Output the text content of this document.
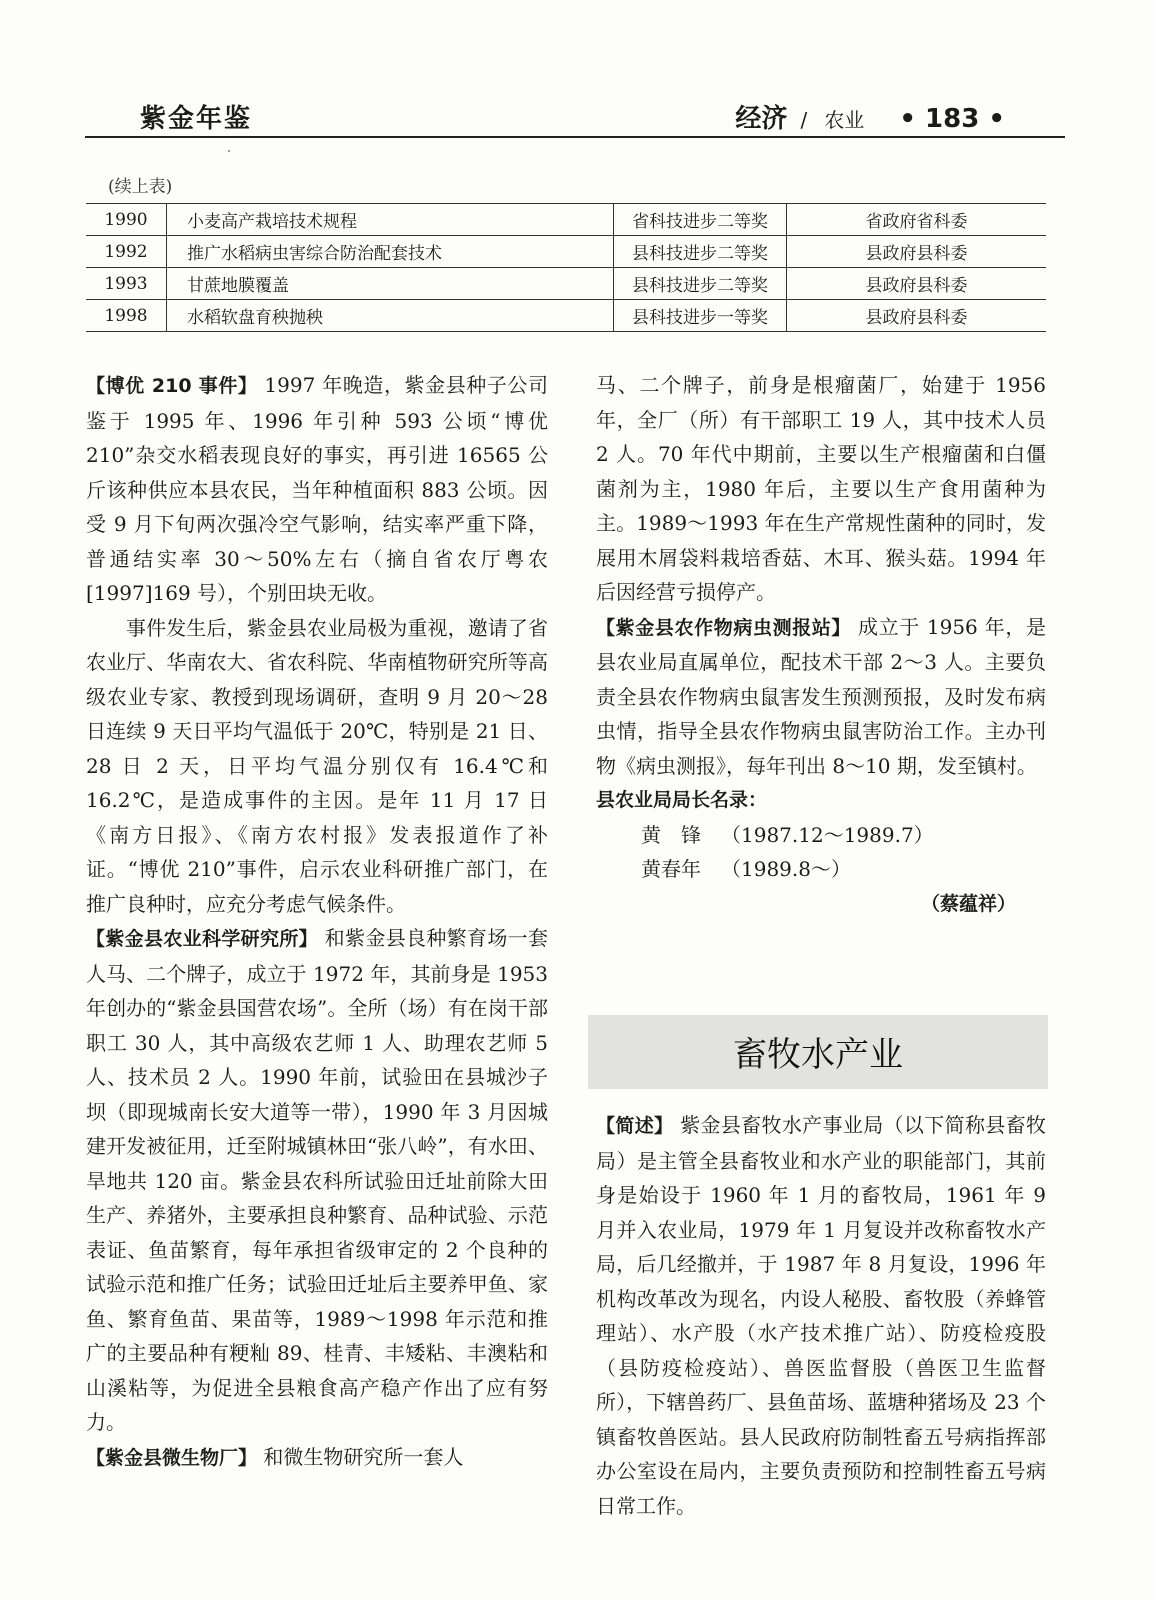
紫金年鉴	经济 / 农业 • 183 •
(续上表)
1990	小麦高产栽培技术规程	省科技进步二等奖	省政府省科委
1992	推广水稻病虫害综合防治配套技术	县科技进步二等奖	县政府县科委
1993	甘蔗地膜覆盖	县科技进步二等奖	县政府县科委
1998	水稻软盘育秧抛秧	县科技进步一等奖	县政府县科委

【博优 210 事件】 1997 年晚造，紫金县种子公司鉴于 1995 年、1996 年引种 593 公顷“博优 210”杂交水稻表现良好的事实，再引进 16565 公斤该种供应本县农民，当年种植面积 883 公顷。因受 9 月下旬两次强冷空气影响，结实率严重下降，普通结实率 30～50%左右（摘自省农厅粤农[1997]169 号），个别田块无收。

事件发生后，紫金县农业局极为重视，邀请了省农业厅、华南农大、省农科院、华南植物研究所等高级农业专家、教授到现场调研，查明 9 月 20～28 日连续 9 天日平均气温低于 20℃，特别是 21 日、28 日 2 天，日平均气温分别仅有 16.4℃和 16.2℃，是造成事件的主因。是年 11 月 17 日《南方日报》、《南方农村报》发表报道作了补证。“博优 210”事件，启示农业科研推广部门，在推广良种时，应充分考虑气候条件。

【紫金县农业科学研究所】 和紫金县良种繁育场一套人马、二个牌子，成立于 1972 年，其前身是 1953 年创办的“紫金县国营农场”。全所（场）有在岗干部职工 30 人，其中高级农艺师 1 人、助理农艺师 5 人、技术员 2 人。1990 年前，试验田在县城沙子坝（即现城南长安大道等一带），1990 年 3 月因城建开发被征用，迁至附城镇林田“张八岭”，有水田、旱地共 120 亩。紫金县农科所试验田迁址前除大田生产、养猪外，主要承担良种繁育、品种试验、示范表证、鱼苗繁育，每年承担省级审定的 2 个良种的试验示范和推广任务；试验田迁址后主要养甲鱼、家鱼、繁育鱼苗、果苗等，1989～1998 年示范和推广的主要品种有粳籼 89、桂青、丰矮粘、丰澳粘和山溪粘等，为促进全县粮食高产稳产作出了应有努力。

【紫金县微生物厂】 和微生物研究所一套人

马、二个牌子，前身是根瘤菌厂，始建于 1956 年，全厂（所）有干部职工 19 人，其中技术人员 2 人。70 年代中期前，主要以生产根瘤菌和白僵菌剂为主，1980 年后，主要以生产食用菌种为主。1989～1993 年在生产常规性菌种的同时，发展用木屑袋料栽培香菇、木耳、猴头菇。1994 年后因经营亏损停产。

【紫金县农作物病虫测报站】 成立于 1956 年，是县农业局直属单位，配技术干部 2～3 人。主要负责全县农作物病虫鼠害发生预测预报，及时发布病虫情，指导全县农作物病虫鼠害防治工作。主办刊物《病虫测报》，每年刊出 8～10 期，发至镇村。

县农业局局长名录：

黄　锋 （1987.12～1989.7）

黄春年 （1989.8～）

（蔡蕴祥）

畜牧水产业

【简述】 紫金县畜牧水产事业局（以下简称县畜牧局）是主管全县畜牧业和水产业的职能部门，其前身是始设于 1960 年 1 月的畜牧局，1961 年 9 月并入农业局，1979 年 1 月复设并改称畜牧水产局，后几经撤并，于 1987 年 8 月复设，1996 年机构改革改为现名，内设人秘股、畜牧股（养蜂管理站）、水产股（水产技术推广站）、防疫检疫股（县防疫检疫站）、兽医监督股（兽医卫生监督所），下辖兽药厂、县鱼苗场、蓝塘种猪场及 23 个镇畜牧兽医站。县人民政府防制牲畜五号病指挥部办公室设在局内，主要负责预防和控制牲畜五号病日常工作。
